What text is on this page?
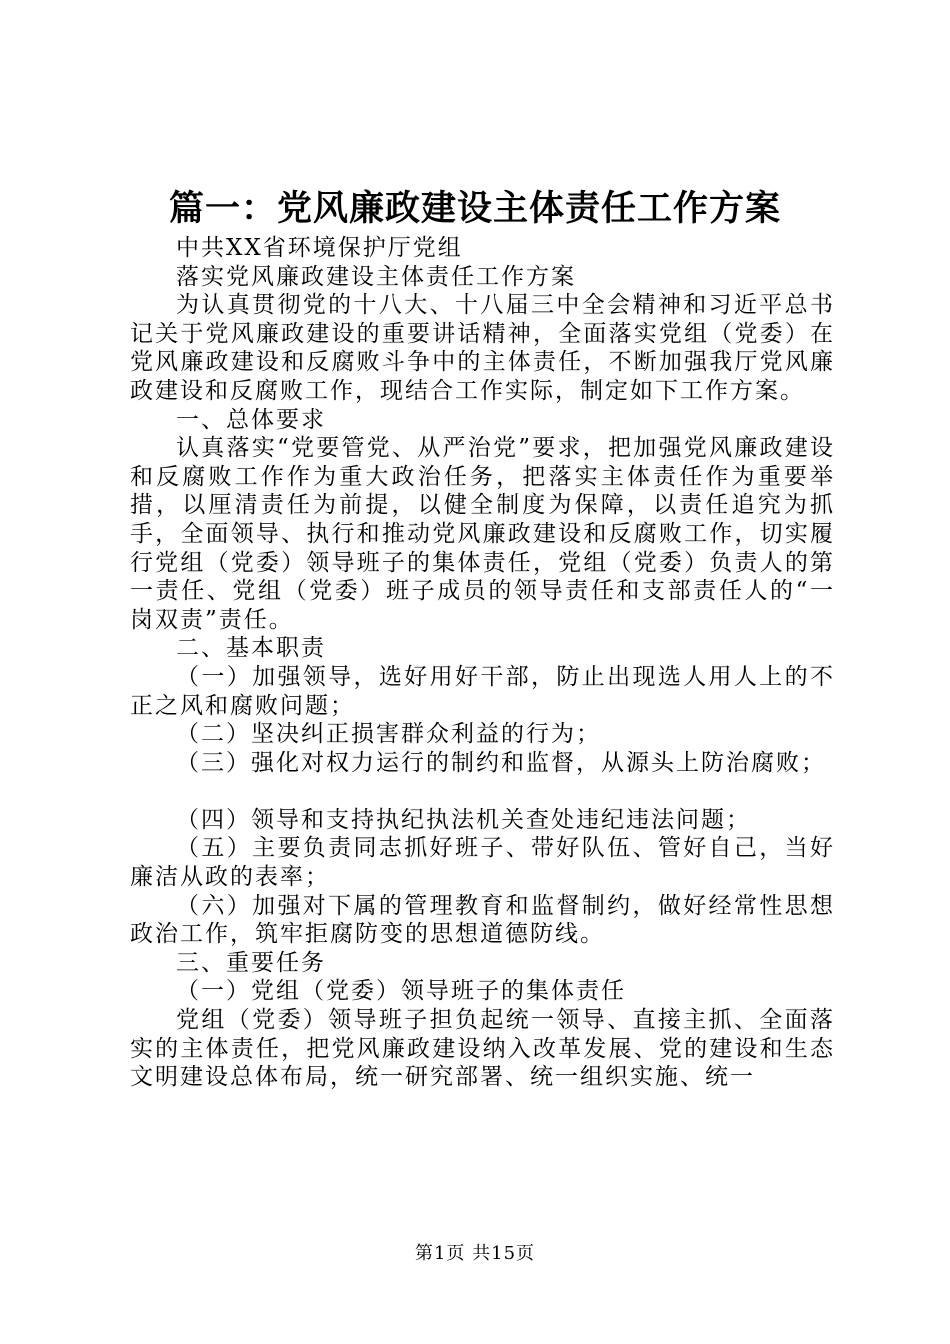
篇一：党风廉政建设主体责任工作方案

中共XX省环境保护厅党组

落实党风廉政建设主体责任工作方案

为认真贯彻党的十八大、十八届三中全会精神和习近平总书记关于党风廉政建设的重要讲话精神，全面落实党组（党委）在党风廉政建设和反腐败斗争中的主体责任，不断加强我厅党风廉政建设和反腐败工作，现结合工作实际，制定如下工作方案。

一、总体要求

认真落实“党要管党、从严治党”要求，把加强党风廉政建设和反腐败工作作为重大政治任务，把落实主体责任作为重要举措，以厘清责任为前提，以健全制度为保障，以责任追究为抓手，全面领导、执行和推动党风廉政建设和反腐败工作，切实履行党组（党委）领导班子的集体责任，党组（党委）负责人的第一责任、党组（党委）班子成员的领导责任和支部责任人的“一岗双责”责任。

二、基本职责

（一）加强领导，选好用好干部，防止出现选人用人上的不正之风和腐败问题；

（二）坚决纠正损害群众利益的行为；

（三）强化对权力运行的制约和监督，从源头上防治腐败；

（四）领导和支持执纪执法机关查处违纪违法问题；

（五）主要负责同志抓好班子、带好队伍、管好自己，当好廉洁从政的表率；

（六）加强对下属的管理教育和监督制约，做好经常性思想政治工作，筑牢拒腐防变的思想道德防线。

三、重要任务

（一）党组（党委）领导班子的集体责任

党组（党委）领导班子担负起统一领导、直接主抓、全面落实的主体责任，把党风廉政建设纳入改革发展、党的建设和生态文明建设总体布局，统一研究部署、统一组织实施、统一

第1页 共15页
